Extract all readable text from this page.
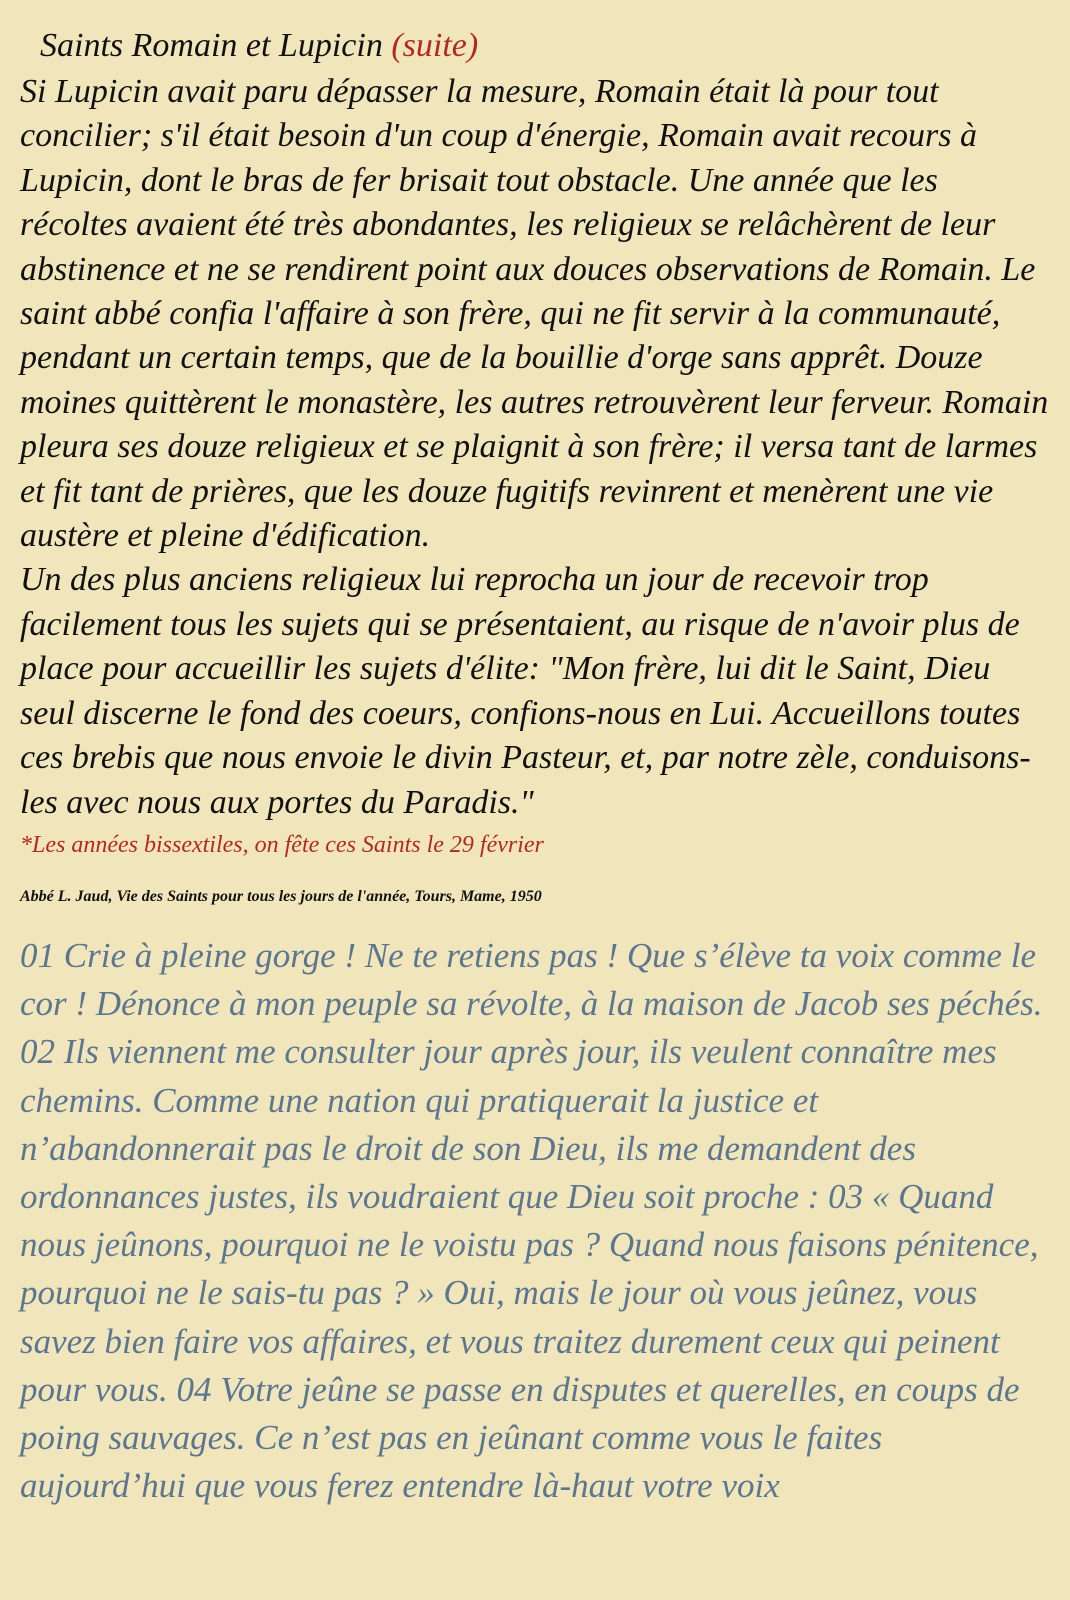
Saints Romain et Lupicin (suite)

Si Lupicin avait paru dépasser la mesure, Romain était là pour tout concilier; s'il était besoin d'un coup d'énergie, Romain avait recours à Lupicin, dont le bras de fer brisait tout obstacle. Une année que les récoltes avaient été très abondantes, les religieux se relâchèrent de leur abstinence et ne se rendirent point aux douces observations de Romain. Le saint abbé confia l'affaire à son frère, qui ne fit servir à la communauté, pendant un certain temps, que de la bouillie d'orge sans apprêt. Douze moines quittèrent le monastère, les autres retrouvèrent leur ferveur. Romain pleura ses douze religieux et se plaignit à son frère; il versa tant de larmes et fit tant de prières, que les douze fugitifs revinrent et menèrent une vie austère et pleine d'édification.

Un des plus anciens religieux lui reprocha un jour de recevoir trop facilement tous les sujets qui se présentaient, au risque de n'avoir plus de place pour accueillir les sujets d'élite: "Mon frère, lui dit le Saint, Dieu seul discerne le fond des coeurs, confions-nous en Lui. Accueillons toutes ces brebis que nous envoie le divin Pasteur, et, par notre zèle, conduisons-les avec nous aux portes du Paradis."

*Les années bissextiles, on fête ces Saints le 29 février
Abbé L. Jaud, Vie des Saints pour tous les jours de l'année, Tours, Mame, 1950

01 Crie à pleine gorge ! Ne te retiens pas ! Que s’élève ta voix comme le cor ! Dénonce à mon peuple sa révolte, à la maison de Jacob ses péchés. 02 Ils viennent me consulter jour après jour, ils veulent connaître mes chemins. Comme une nation qui pratiquerait la justice et n’abandonnerait pas le droit de son Dieu, ils me demandent des ordonnances justes, ils voudraient que Dieu soit proche : 03 « Quand nous jeûnons, pourquoi ne le voistu pas ? Quand nous faisons pénitence, pourquoi ne le sais-tu pas ? » Oui, mais le jour où vous jeûnez, vous savez bien faire vos affaires, et vous traitez durement ceux qui peinent pour vous. 04 Votre jeûne se passe en disputes et querelles, en coups de poing sauvages. Ce n’est pas en jeûnant comme vous le faites aujourd’hui que vous ferez entendre là-haut votre voix
